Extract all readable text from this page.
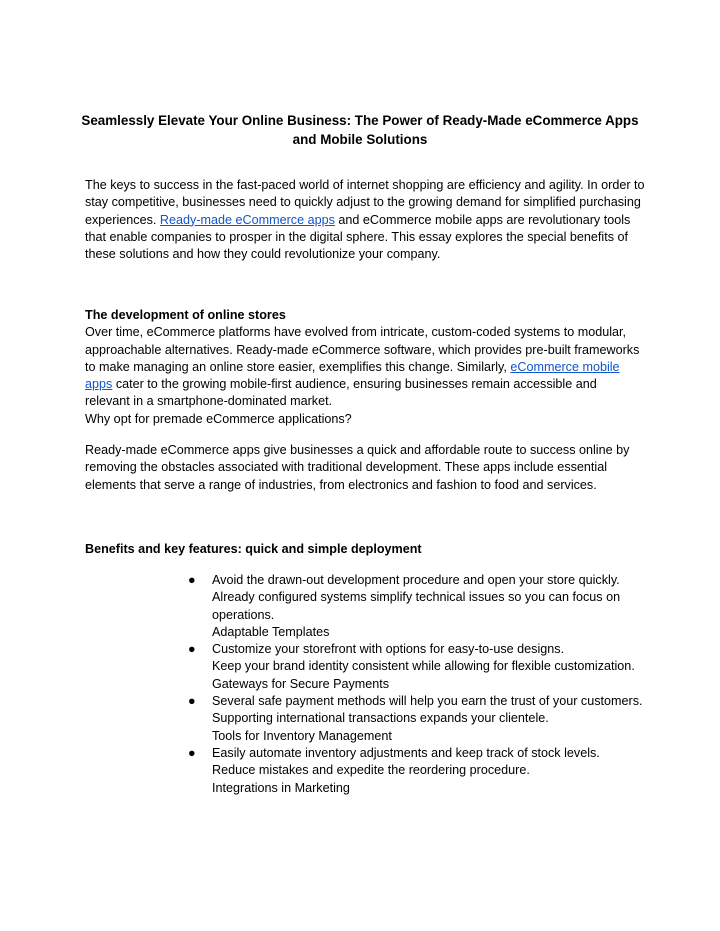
Seamlessly Elevate Your Online Business: The Power of Ready-Made eCommerce Apps and Mobile Solutions
The keys to success in the fast-paced world of internet shopping are efficiency and agility. In order to stay competitive, businesses need to quickly adjust to the growing demand for simplified purchasing experiences. Ready-made eCommerce apps and eCommerce mobile apps are revolutionary tools that enable companies to prosper in the digital sphere. This essay explores the special benefits of these solutions and how they could revolutionize your company.
The development of online stores
Over time, eCommerce platforms have evolved from intricate, custom-coded systems to modular, approachable alternatives. Ready-made eCommerce software, which provides pre-built frameworks to make managing an online store easier, exemplifies this change. Similarly, eCommerce mobile apps cater to the growing mobile-first audience, ensuring businesses remain accessible and relevant in a smartphone-dominated market.
Why opt for premade eCommerce applications?
Ready-made eCommerce apps give businesses a quick and affordable route to success online by removing the obstacles associated with traditional development. These apps include essential elements that serve a range of industries, from electronics and fashion to food and services.
Benefits and key features: quick and simple deployment
● Avoid the drawn-out development procedure and open your store quickly. Already configured systems simplify technical issues so you can focus on operations.
Adaptable Templates
● Customize your storefront with options for easy-to-use designs.
Keep your brand identity consistent while allowing for flexible customization.
Gateways for Secure Payments
● Several safe payment methods will help you earn the trust of your customers.
Supporting international transactions expands your clientele.
Tools for Inventory Management
● Easily automate inventory adjustments and keep track of stock levels.
Reduce mistakes and expedite the reordering procedure.
Integrations in Marketing
